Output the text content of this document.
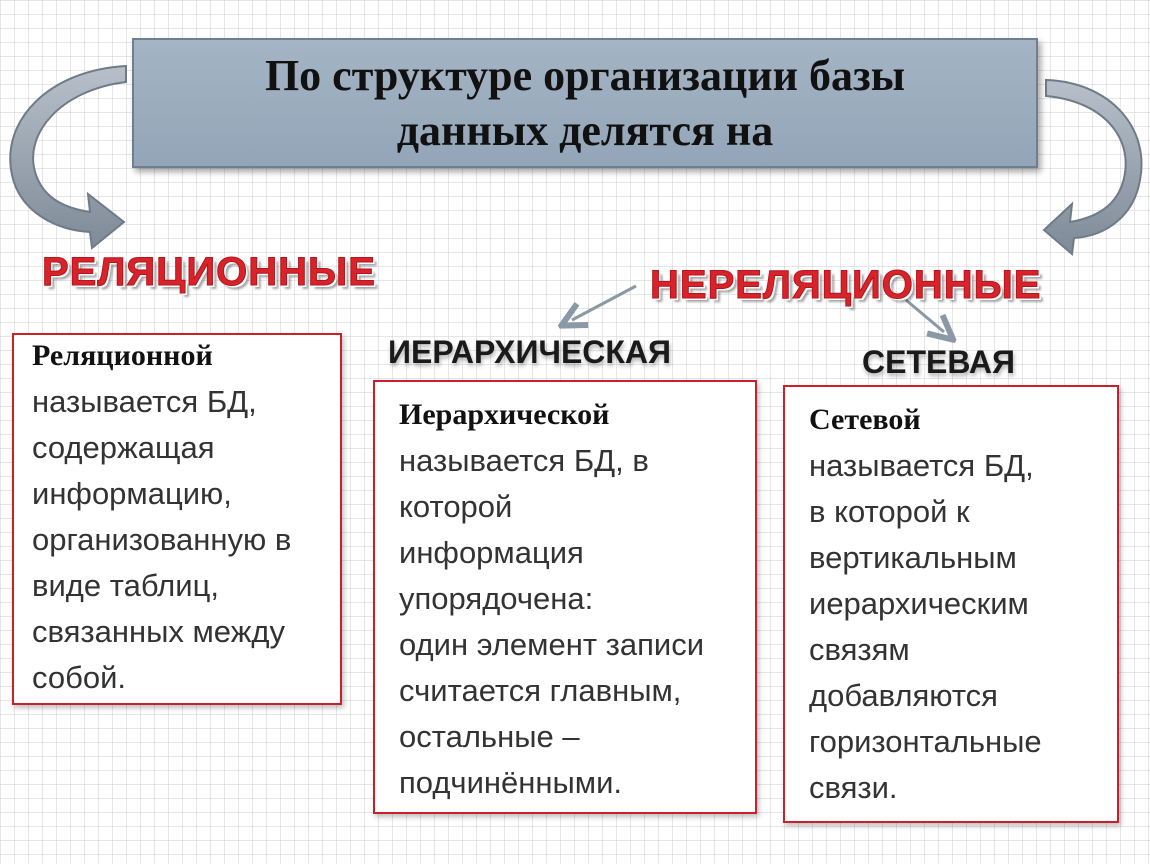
По структуре организации базы
данных делятся на
РЕЛЯЦИОННЫЕ	НЕРЕЛЯЦИОННЫЕ
ИЕРАРХИЧЕСКАЯ	СЕТЕВАЯ
Реляционной
называется БД,
содержащая
информацию,
организованную в
виде таблиц,
связанных между
собой.
Иерархической
называется БД, в
которой
информация
упорядочена:
один элемент записи
считается главным,
остальные –
подчинёнными.
Сетевой
называется БД,
в которой к
вертикальным
иерархическим
связям
добавляются
горизонтальные
связи.
